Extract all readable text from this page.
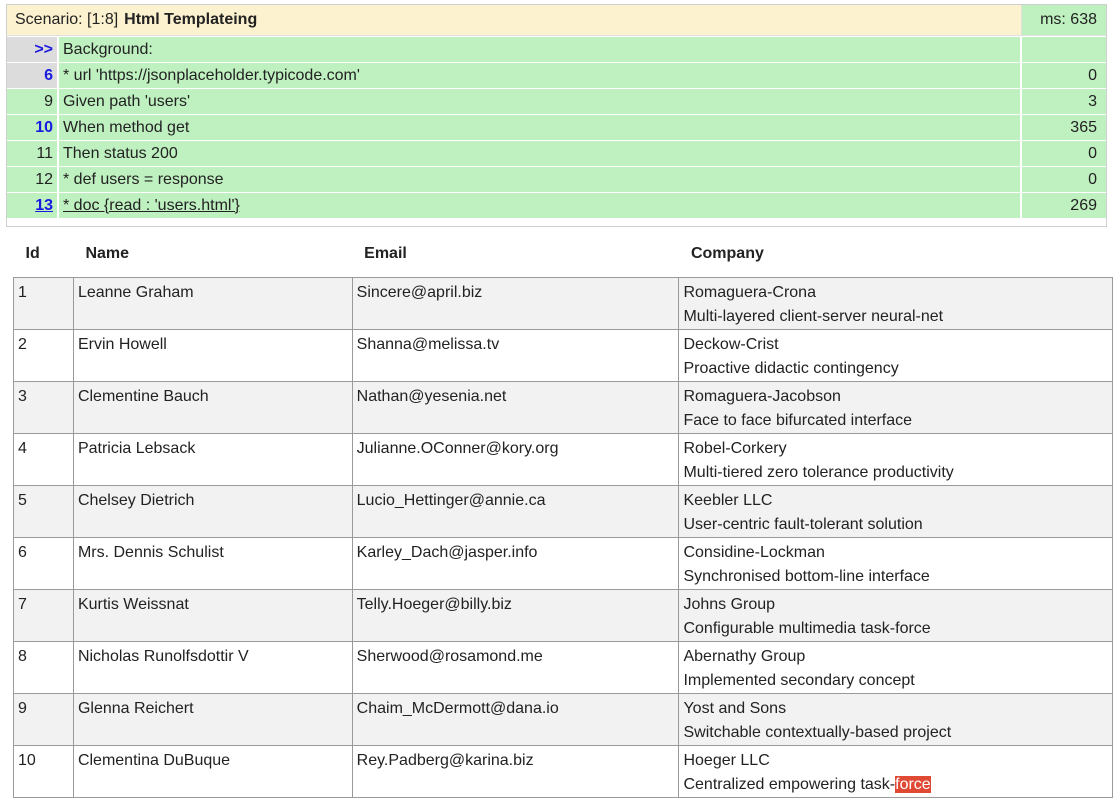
Scenario: [1:8] Html Templateing	ms: 638
>> Background:
6 * url 'https://jsonplaceholder.typicode.com'	0
9 Given path 'users'	3
10 When method get	365
11 Then status 200	0
12 * def users = response	0
13 * doc {read : 'users.html'}	269
Id	Name	Email	Company
1	Leanne Graham	Sincere@april.biz	Romaguera-Crona
Multi-layered client-server neural-net

2	Ervin Howell	Shanna@melissa.tv	Deckow-Crist
Proactive didactic contingency

3	Clementine Bauch	Nathan@yesenia.net	Romaguera-Jacobson
Face to face bifurcated interface

4	Patricia Lebsack	Julianne.OConner@kory.org	Robel-Corkery
Multi-tiered zero tolerance productivity

5	Chelsey Dietrich	Lucio_Hettinger@annie.ca	Keebler LLC
User-centric fault-tolerant solution

6	Mrs. Dennis Schulist	Karley_Dach@jasper.info	Considine-Lockman
Synchronised bottom-line interface

7	Kurtis Weissnat	Telly.Hoeger@billy.biz	Johns Group
Configurable multimedia task-force

8	Nicholas Runolfsdottir V	Sherwood@rosamond.me	Abernathy Group
Implemented secondary concept

9	Glenna Reichert	Chaim_McDermott@dana.io	Yost and Sons
Switchable contextually-based project

10	Clementina DuBuque	Rey.Padberg@karina.biz	Hoeger LLC
Centralized empowering task-force
